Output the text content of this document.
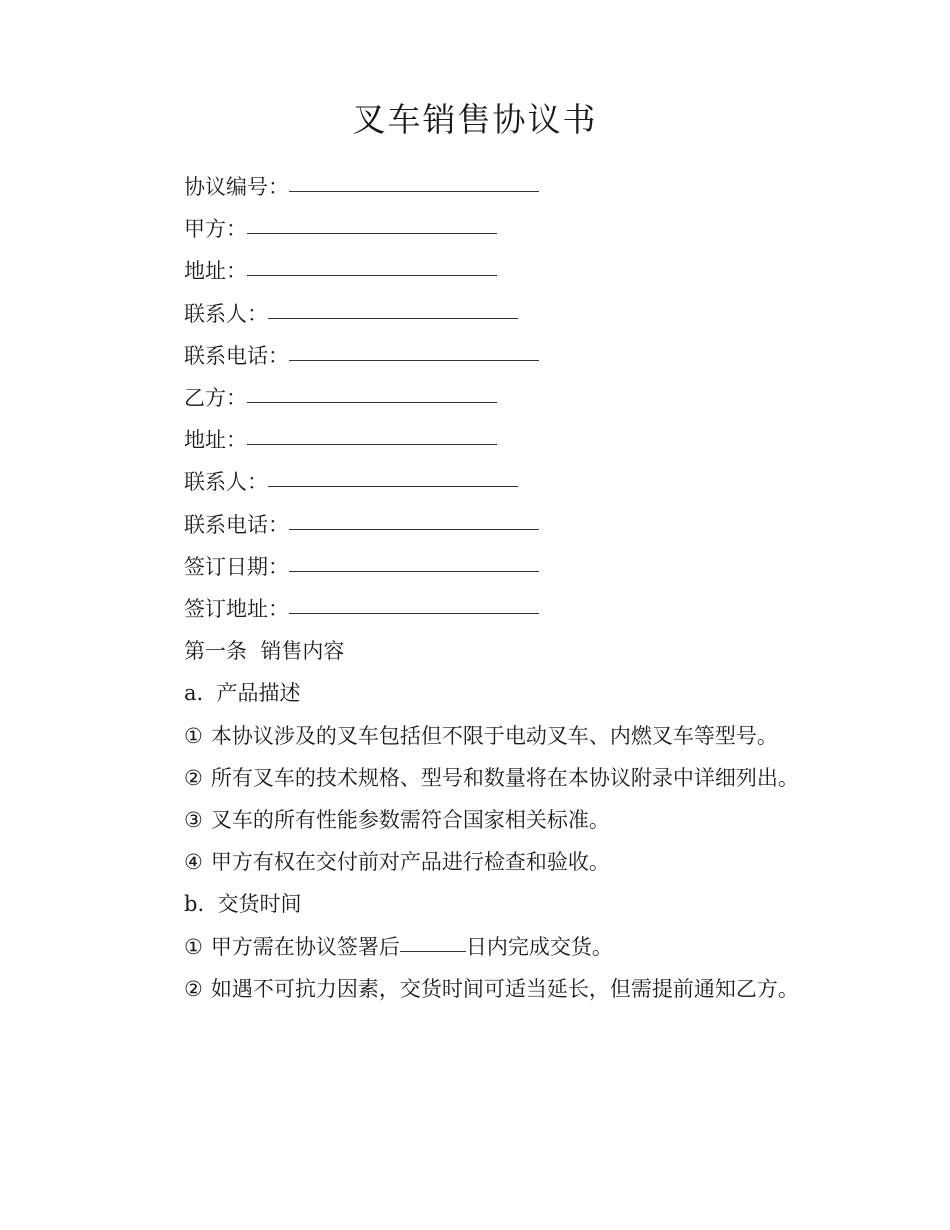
叉车销售协议书

协议编号：

甲方：

地址：

联系人：

联系电话：

乙方：

地址：

联系人：

联系电话：

签订日期：

签订地址：

第一条  销售内容

a.  产品描述

① 本协议涉及的叉车包括但不限于电动叉车、内燃叉车等型号。

② 所有叉车的技术规格、型号和数量将在本协议附录中详细列出。

③ 叉车的所有性能参数需符合国家相关标准。

④ 甲方有权在交付前对产品进行检查和验收。

b.  交货时间

① 甲方需在协议签署后	日内完成交货。

② 如遇不可抗力因素，交货时间可适当延长，但需提前通知乙方。
